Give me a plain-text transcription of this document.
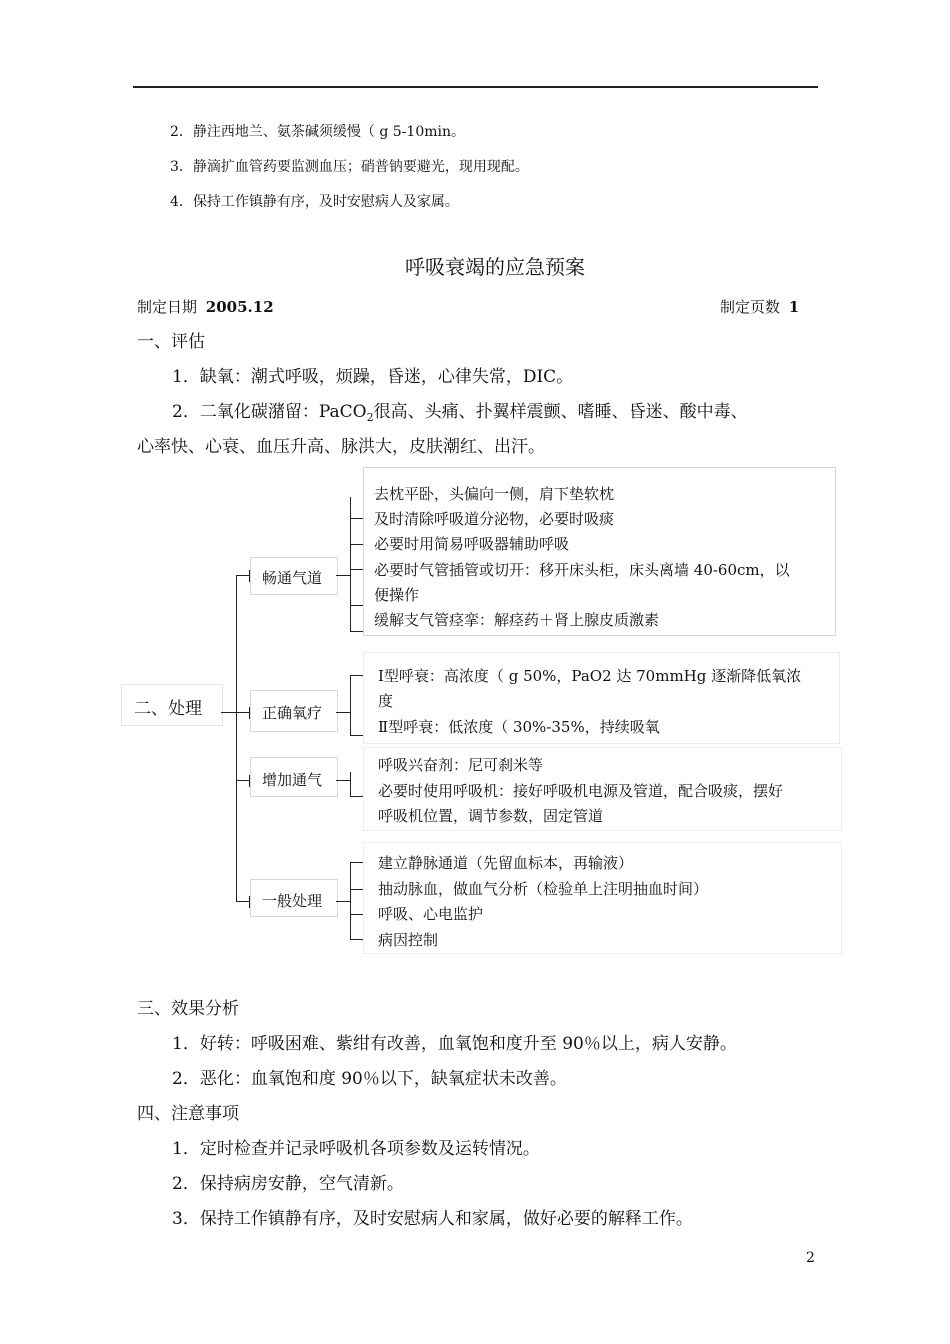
2．静注西地兰、氨茶碱须缓慢（ g 5-10min。
3．静滴扩血管药要监测血压；硝普钠要避光，现用现配。
4．保持工作镇静有序，及时安慰病人及家属。
呼吸衰竭的应急预案
制定日期 2005.12	制定页数 1
一、评估
1．缺氧：潮式呼吸，烦躁，昏迷，心律失常，DIC。
2．二氧化碳潴留：PaCO$_2$很高、头痛、扑翼样震颤、嗜睡、昏迷、酸中毒、
心率快、心衰、血压升高、脉洪大，皮肤潮红、出汗。
二、处理
畅通气道
去枕平卧，头偏向一侧，肩下垫软枕
及时清除呼吸道分泌物，必要时吸痰
必要时用简易呼吸器辅助呼吸
必要时气管插管或切开：移开床头柜，床头离墙 40-60cm，以
便操作
缓解支气管痉挛：解痉药＋肾上腺皮质激素
正确氧疗
Ⅰ型呼衰：高浓度（ g 50%，PaO2 达 70mmHg 逐渐降低氧浓
度
Ⅱ型呼衰：低浓度（ 30%-35%，持续吸氧
增加通气
呼吸兴奋剂：尼可刹米等
必要时使用呼吸机：接好呼吸机电源及管道，配合吸痰，摆好
呼吸机位置，调节参数，固定管道
一般处理
建立静脉通道（先留血标本，再输液）
抽动脉血，做血气分析（检验单上注明抽血时间）
呼吸、心电监护
病因控制
三、效果分析
1．好转：呼吸困难、紫绀有改善，血氧饱和度升至 90％以上，病人安静。
2．恶化：血氧饱和度 90％以下，缺氧症状未改善。
四、注意事项
1．定时检查并记录呼吸机各项参数及运转情况。
2．保持病房安静，空气清新。
3．保持工作镇静有序，及时安慰病人和家属，做好必要的解释工作。
2
